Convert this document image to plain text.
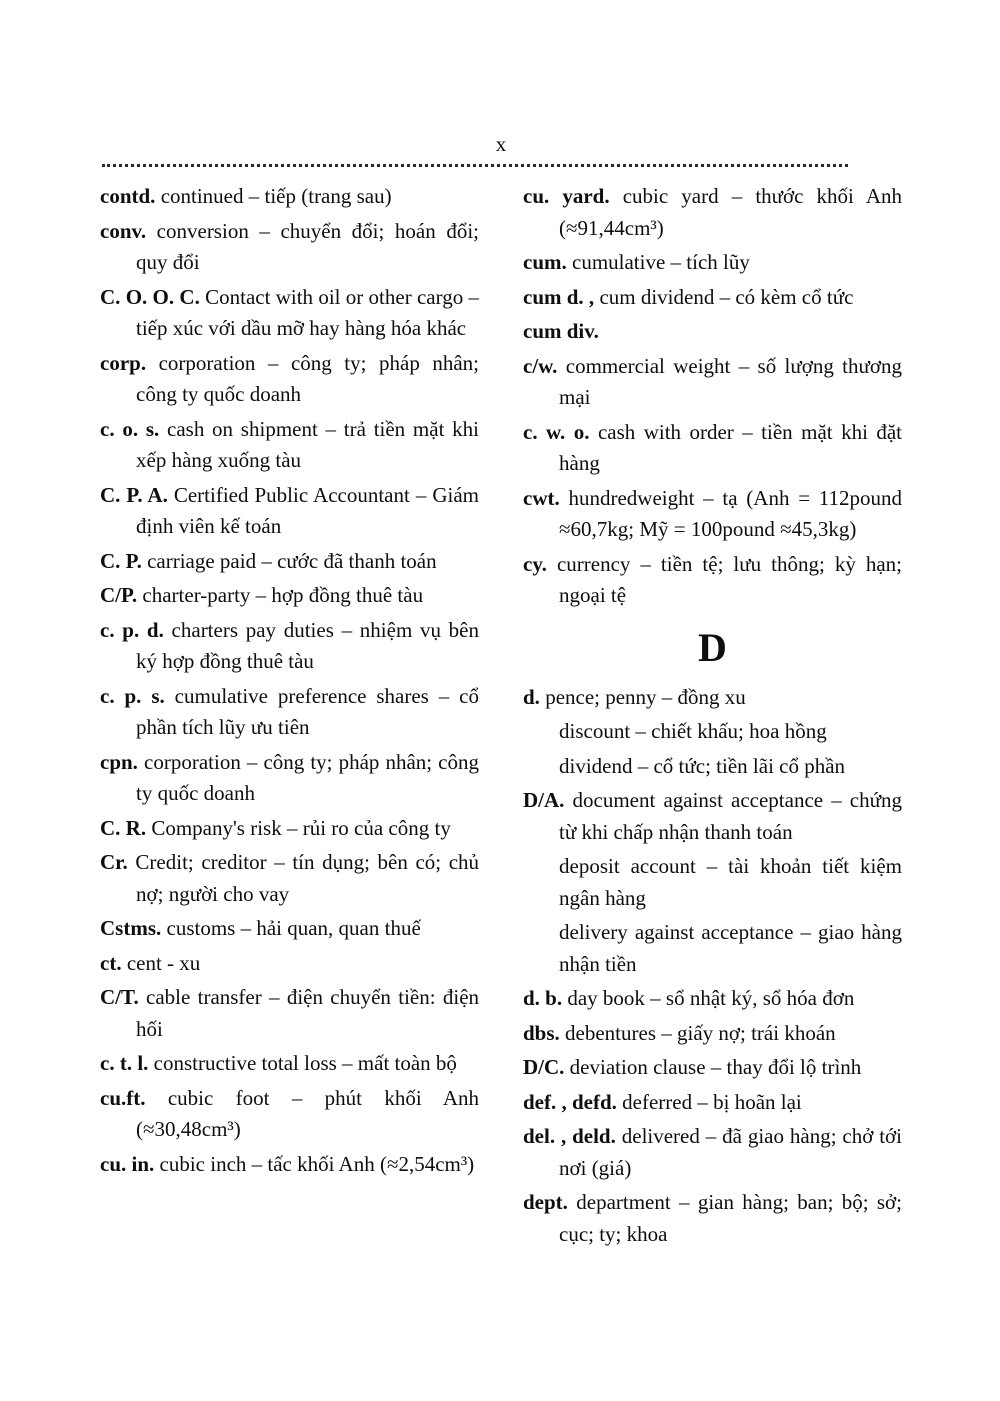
x

contd. continued – tiếp (trang sau)

conv. conversion – chuyển đổi; hoán đổi; quy đổi

C. O. O. C. Contact with oil or other cargo – tiếp xúc với dầu mỡ hay hàng hóa khác

corp. corporation – công ty; pháp nhân; công ty quốc doanh

c. o. s. cash on shipment – trả tiền mặt khi xếp hàng xuống tàu

C. P. A. Certified Public Accountant – Giám định viên kế toán

C. P. carriage paid – cước đã thanh toán

C/P. charter-party – hợp đồng thuê tàu

c. p. d. charters pay duties – nhiệm vụ bên ký hợp đồng thuê tàu

c. p. s. cumulative preference shares – cổ phần tích lũy ưu tiên

cpn. corporation – công ty; pháp nhân; công ty quốc doanh

C. R. Company's risk – rủi ro của công ty

Cr. Credit; creditor – tín dụng; bên có; chủ nợ; người cho vay

Cstms. customs – hải quan, quan thuế

ct. cent - xu

C/T. cable transfer – điện chuyển tiền: điện hối

c. t. l. constructive total loss – mất toàn bộ

cu.ft. cubic foot – phút khối Anh (≈30,48cm³)

cu. in. cubic inch – tấc khối Anh (≈2,54cm³)

cu. yard. cubic yard – thước khối Anh (≈91,44cm³)

cum. cumulative – tích lũy

cum d. , cum dividend – có kèm cổ tức

cum div.

c/w. commercial weight – số lượng thương mại

c. w. o. cash with order – tiền mặt khi đặt hàng

cwt. hundredweight – tạ (Anh = 112pound ≈60,7kg; Mỹ = 100pound ≈45,3kg)

cy. currency – tiền tệ; lưu thông; kỳ hạn; ngoại tệ

D

d. pence; penny – đồng xu

discount – chiết khấu; hoa hồng

dividend – cổ tức; tiền lãi cổ phần

D/A. document against acceptance – chứng từ khi chấp nhận thanh toán

deposit account – tài khoản tiết kiệm ngân hàng

delivery against acceptance – giao hàng nhận tiền

d. b. day book – sổ nhật ký, sổ hóa đơn

dbs. debentures – giấy nợ; trái khoán

D/C. deviation clause – thay đổi lộ trình

def. , defd. deferred – bị hoãn lại

del. , deld. delivered – đã giao hàng; chở tới nơi (giá)

dept. department – gian hàng; ban; bộ; sở; cục; ty; khoa
